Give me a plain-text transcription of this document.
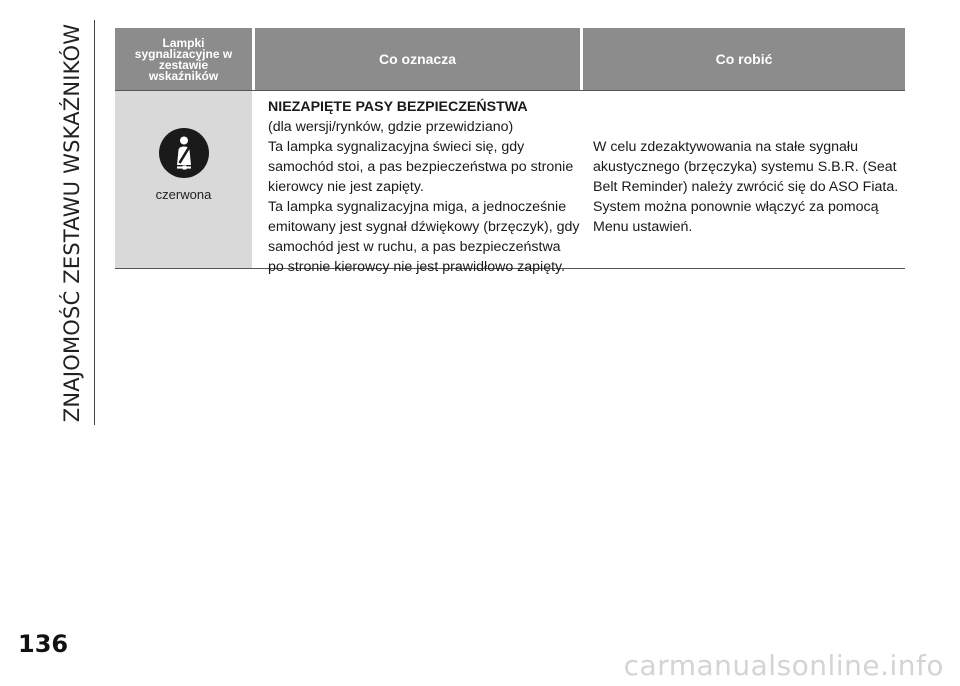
ZNAJOMOŚĆ ZESTAWU WSKAŹNIKÓW	Lampki
sygnalizacyjne w
zestawie
wskaźników
Co oznacza	Co robić
czerwona
NIEZAPIĘTE PASY BEZPIECZEŃSTWA
(dla wersji/rynków, gdzie przewidziano)
Ta lampka sygnalizacyjna świeci się, gdy
samochód stoi, a pas bezpieczeństwa po stronie
kierowcy nie jest zapięty.
Ta lampka sygnalizacyjna miga, a jednocześnie
emitowany jest sygnał dźwiękowy (brzęczyk), gdy
samochód jest w ruchu, a pas bezpieczeństwa
po stronie kierowcy nie jest prawidłowo zapięty.
W celu zdezaktywowania na stałe sygnału
akustycznego (brzęczyka) systemu S.B.R. (Seat
Belt Reminder) należy zwrócić się do ASO Fiata.
System można ponownie włączyć za pomocą
Menu ustawień.
136
carmanualsonline.info
